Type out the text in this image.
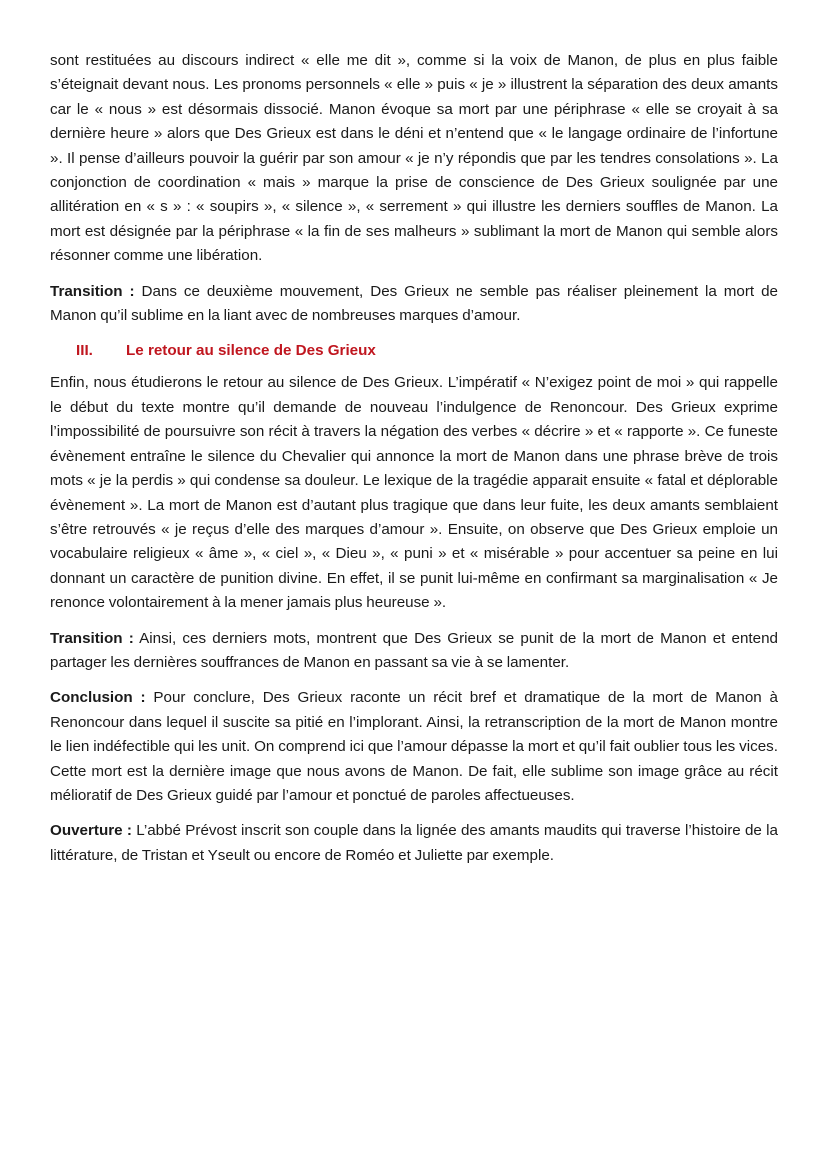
sont restituées au discours indirect « elle me dit », comme si la voix de Manon, de plus en plus faible s’éteignait devant nous. Les pronoms personnels « elle » puis « je » illustrent la séparation des deux amants car le « nous » est désormais dissocié. Manon évoque sa mort par une périphrase « elle se croyait à sa dernière heure » alors que Des Grieux est dans le déni et n’entend que « le langage ordinaire de l’infortune ». Il pense d’ailleurs pouvoir la guérir par son amour « je n’y répondis que par les tendres consolations ». La conjonction de coordination « mais » marque la prise de conscience de Des Grieux soulignée par une allitération en « s » : « soupirs », « silence », « serrement » qui illustre les derniers souffles de Manon. La mort est désignée par la périphrase « la fin de ses malheurs » sublimant la mort de Manon qui semble alors résonner comme une libération.

Transition : Dans ce deuxième mouvement, Des Grieux ne semble pas réaliser pleinement la mort de Manon qu’il sublime en la liant avec de nombreuses marques d’amour.

III.	Le retour au silence de Des Grieux

Enfin, nous étudierons le retour au silence de Des Grieux. L’impératif « N’exigez point de moi » qui rappelle le début du texte montre qu’il demande de nouveau l’indulgence de Renoncour. Des Grieux exprime l’impossibilité de poursuivre son récit à travers la négation des verbes « décrire » et « rapporte ». Ce funeste évènement entraîne le silence du Chevalier qui annonce la mort de Manon dans une phrase brève de trois mots « je la perdis » qui condense sa douleur. Le lexique de la tragédie apparait ensuite « fatal et déplorable évènement ». La mort de Manon est d’autant plus tragique que dans leur fuite, les deux amants semblaient s’être retrouvés « je reçus d’elle des marques d’amour ». Ensuite, on observe que Des Grieux emploie un vocabulaire religieux « âme », « ciel », « Dieu », « puni » et « misérable » pour accentuer sa peine en lui donnant un caractère de punition divine. En effet, il se punit lui-même en confirmant sa marginalisation « Je renonce volontairement à la mener jamais plus heureuse ».

Transition : Ainsi, ces derniers mots, montrent que Des Grieux se punit de la mort de Manon et entend partager les dernières souffrances de Manon en passant sa vie à se lamenter.

Conclusion : Pour conclure, Des Grieux raconte un récit bref et dramatique de la mort de Manon à Renoncour dans lequel il suscite sa pitié en l’implorant. Ainsi, la retranscription de la mort de Manon montre le lien indéfectible qui les unit. On comprend ici que l’amour dépasse la mort et qu’il fait oublier tous les vices. Cette mort est la dernière image que nous avons de Manon. De fait, elle sublime son image grâce au récit mélioratif de Des Grieux guidé par l’amour et ponctué de paroles affectueuses.

Ouverture : L’abbé Prévost inscrit son couple dans la lignée des amants maudits qui traverse l’histoire de la littérature, de Tristan et Yseult ou encore de Roméo et Juliette par exemple.
